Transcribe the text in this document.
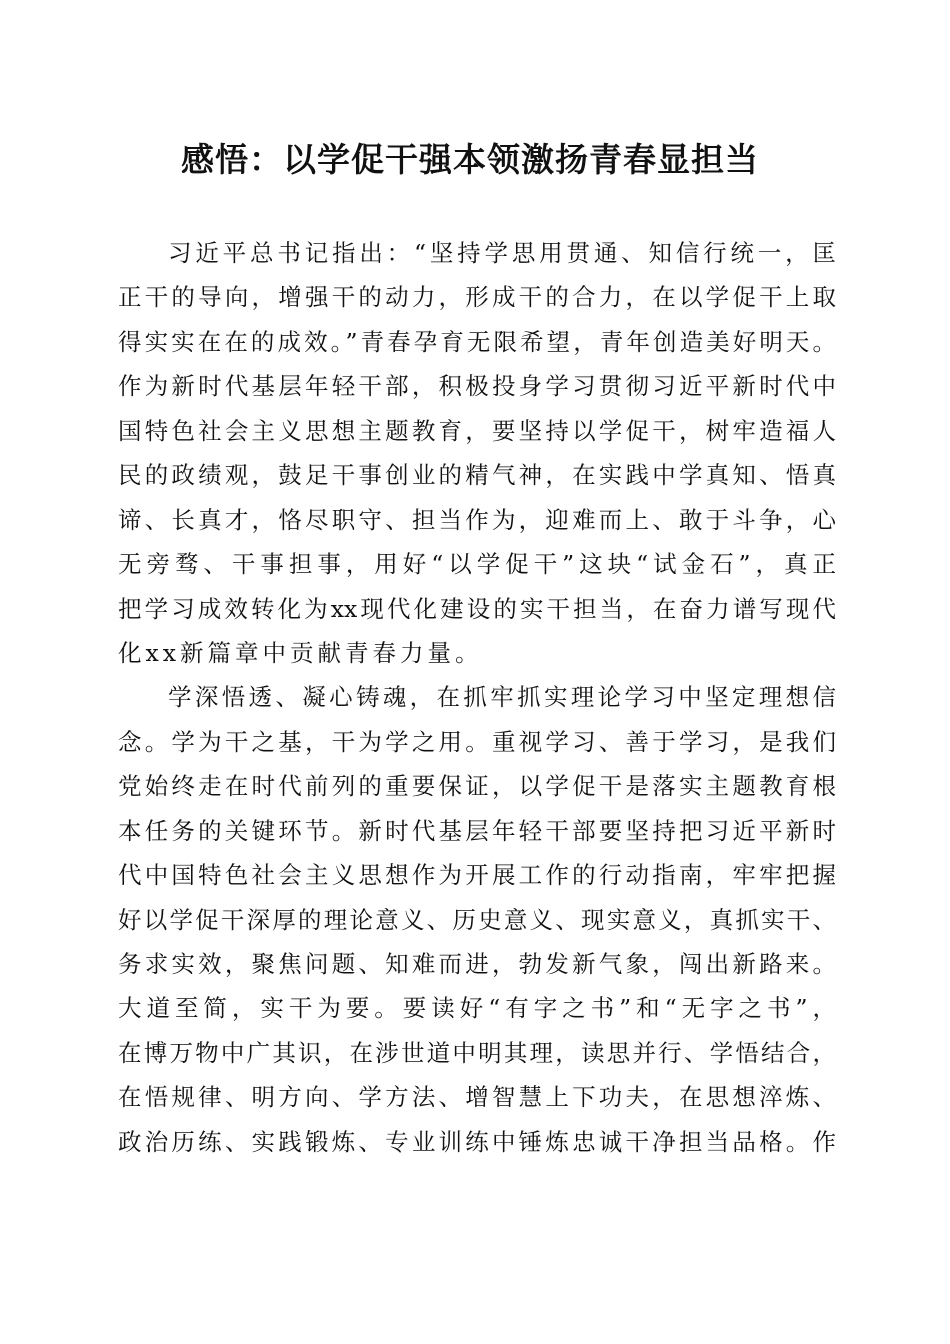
感悟：以学促干强本领激扬青春显担当
习近平总书记指出：“坚持学思用贯通、知信行统一，匡
正干的导向，增强干的动力，形成干的合力，在以学促干上取
得实实在在的成效。”青春孕育无限希望，青年创造美好明天。
作为新时代基层年轻干部，积极投身学习贯彻习近平新时代中
国特色社会主义思想主题教育，要坚持以学促干，树牢造福人
民的政绩观，鼓足干事创业的精气神，在实践中学真知、悟真
谛、长真才，恪尽职守、担当作为，迎难而上、敢于斗争，心
无旁骛、干事担事，用好“以学促干”这块“试金石”，真正
把学习成效转化为xx现代化建设的实干担当，在奋力谱写现代
化xx新篇章中贡献青春力量。
学深悟透、凝心铸魂，在抓牢抓实理论学习中坚定理想信
念。学为干之基，干为学之用。重视学习、善于学习，是我们
党始终走在时代前列的重要保证，以学促干是落实主题教育根
本任务的关键环节。新时代基层年轻干部要坚持把习近平新时
代中国特色社会主义思想作为开展工作的行动指南，牢牢把握
好以学促干深厚的理论意义、历史意义、现实意义，真抓实干、
务求实效，聚焦问题、知难而进，勃发新气象，闯出新路来。
大道至简，实干为要。要读好“有字之书”和“无字之书”，
在博万物中广其识，在涉世道中明其理，读思并行、学悟结合，
在悟规律、明方向、学方法、增智慧上下功夫，在思想淬炼、
政治历练、实践锻炼、专业训练中锤炼忠诚干净担当品格。作
